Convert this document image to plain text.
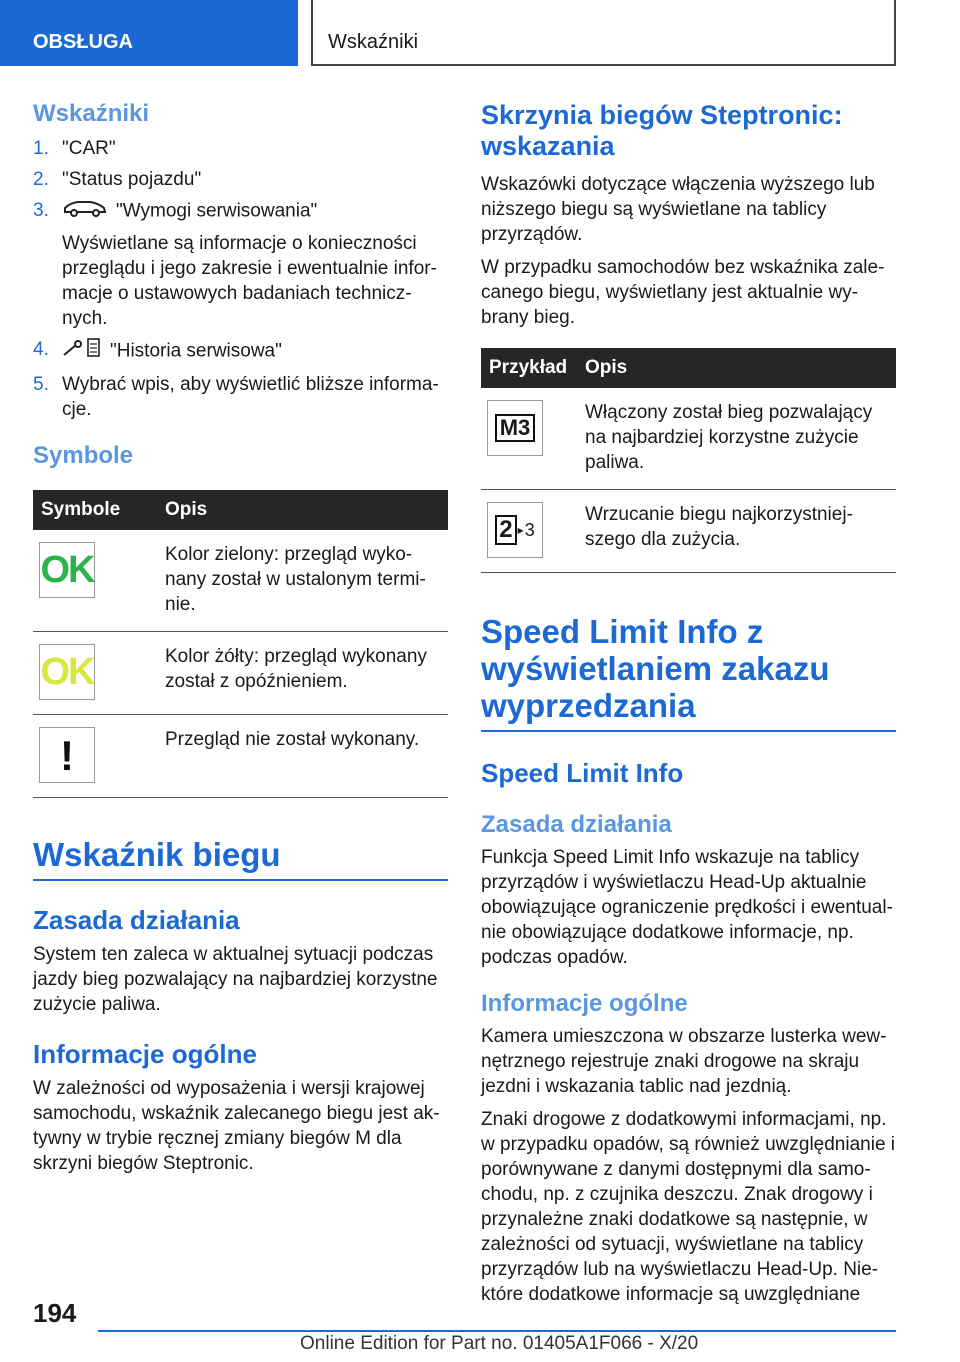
OBSŁUGA	Wskaźniki
Wskaźniki
1. "CAR"
2. "Status pojazdu"
3.	"Wymogi serwisowania"
Wyświetlane są informacje o konieczności przeglądu i jego zakresie i ewentualnie informacje o ustawowych badaniach technicznych.
4.	"Historia serwisowa"
5. Wybrać wpis, aby wyświetlić bliższe informacje.
Symbole
Symbole	Opis

OK	Kolor zielony: przegląd wykonany został w ustalonym terminie.

OK	Kolor żółty: przegląd wykonany został z opóźnieniem.

!	Przegląd nie został wykonany.
Wskaźnik biegu
Zasada działania

System ten zaleca w aktualnej sytuacji podczas jazdy bieg pozwalający na najbardziej korzystne zużycie paliwa.

Informacje ogólne

W zależności od wyposażenia i wersji krajowej samochodu, wskaźnik zalecanego biegu jest aktywny w trybie ręcznej zmiany biegów M dla skrzyni biegów Steptronic.

Skrzynia biegów Steptronic: wskazania

Wskazówki dotyczące włączenia wyższego lub niższego biegu są wyświetlane na tablicy przyrządów.

W przypadku samochodów bez wskaźnika zalecanego biegu, wyświetlany jest aktualnie wybrany bieg.

Przykład	Opis

M3	Włączony został bieg pozwalający na najbardziej korzystne zużycie paliwa.

2 ▸ 3	Wrzucanie biegu najkorzystniejszego dla zużycia.
Speed Limit Info z wyświetlaniem zakazu wyprzedzania
Speed Limit Info
Zasada działania

Funkcja Speed Limit Info wskazuje na tablicy przyrządów i wyświetlaczu Head-Up aktualnie obowiązujące ograniczenie prędkości i ewentualnie obowiązujące dodatkowe informacje, np. podczas opadów.

Informacje ogólne

Kamera umieszczona w obszarze lusterka wewnętrznego rejestruje znaki drogowe na skraju jezdni i wskazania tablic nad jezdnią.

Znaki drogowe z dodatkowymi informacjami, np. w przypadku opadów, są również uwzględnianie i porównywane z danymi dostępnymi dla samochodu, np. z czujnika deszczu. Znak drogowy i przynależne znaki dodatkowe są następnie, w zależności od sytuacji, wyświetlane na tablicy przyrządów lub na wyświetlaczu Head-Up. Niektóre dodatkowe informacje są uwzględniane

194
Online Edition for Part no. 01405A1F066 - X/20
